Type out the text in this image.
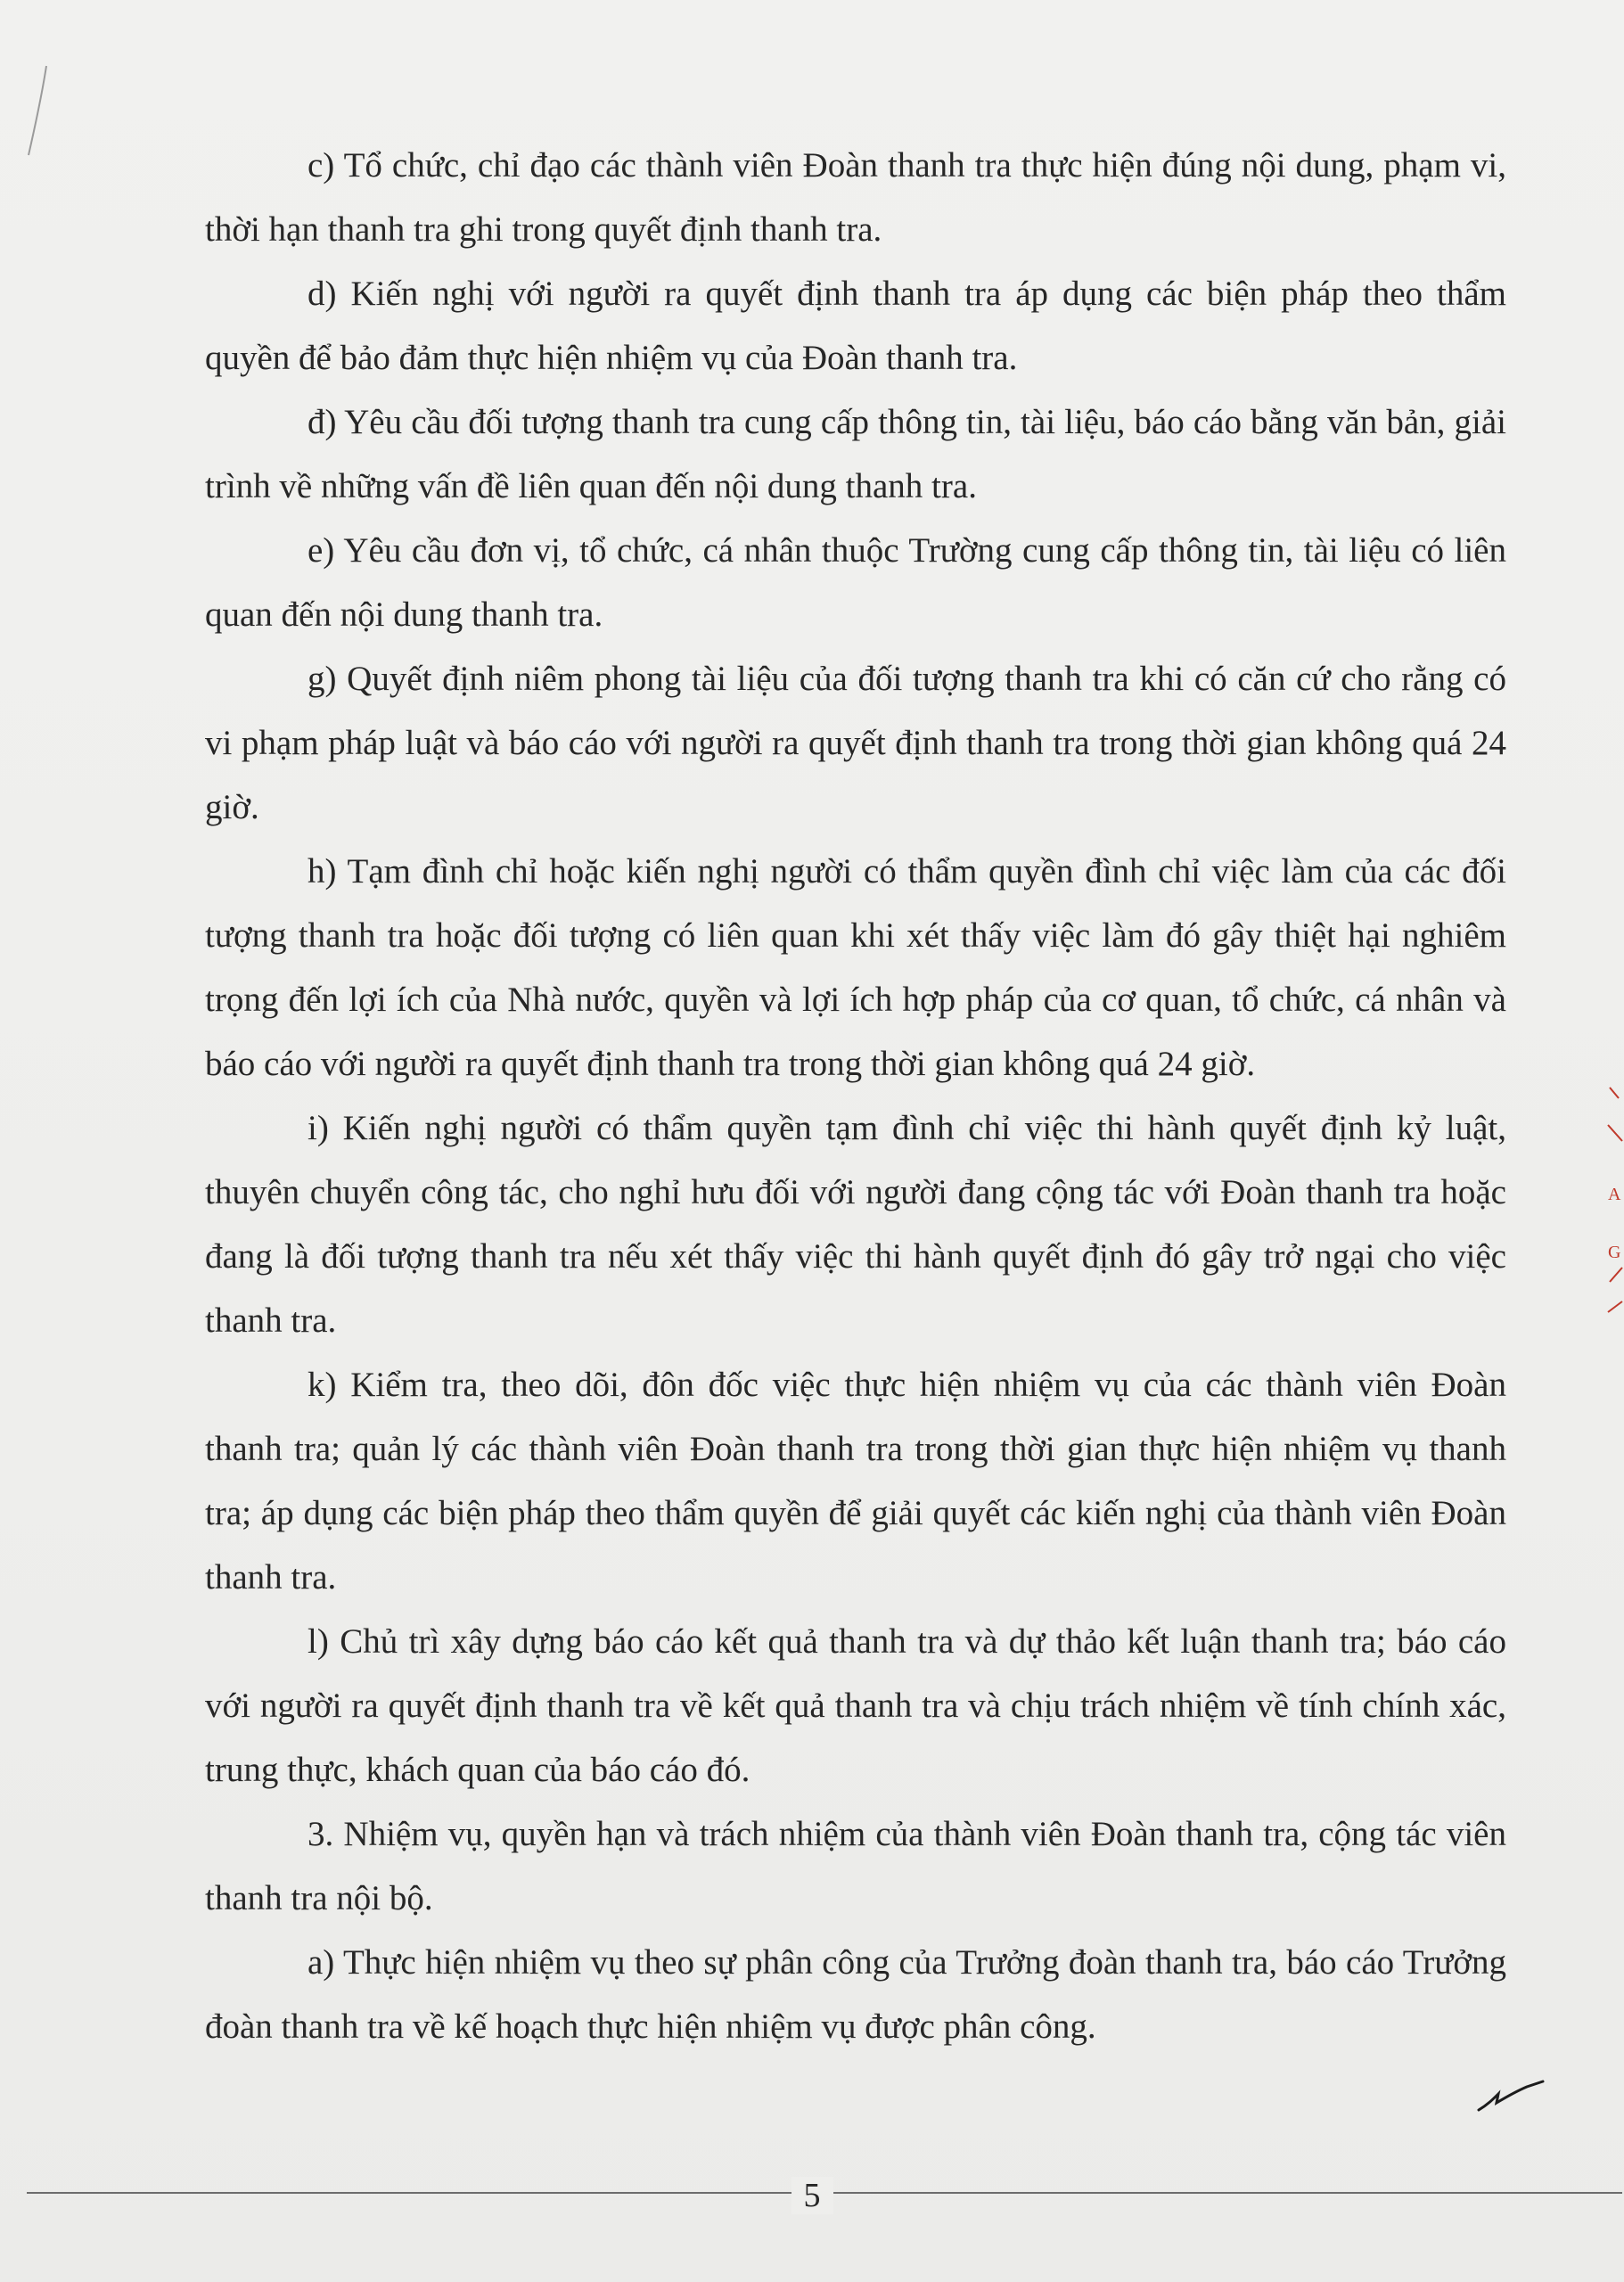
c) Tổ chức, chỉ đạo các thành viên Đoàn thanh tra thực hiện đúng nội dung, phạm vi, thời hạn thanh tra ghi trong quyết định thanh tra.

d) Kiến nghị với người ra quyết định thanh tra áp dụng các biện pháp theo thẩm quyền để bảo đảm thực hiện nhiệm vụ của Đoàn thanh tra.

đ) Yêu cầu đối tượng thanh tra cung cấp thông tin, tài liệu, báo cáo bằng văn bản, giải trình về những vấn đề liên quan đến nội dung thanh tra.

e) Yêu cầu đơn vị, tổ chức, cá nhân thuộc Trường cung cấp thông tin, tài liệu có liên quan đến nội dung thanh tra.

g) Quyết định niêm phong tài liệu của đối tượng thanh tra khi có căn cứ cho rằng có vi phạm pháp luật và báo cáo với người ra quyết định thanh tra trong thời gian không quá 24 giờ.

h) Tạm đình chỉ hoặc kiến nghị người có thẩm quyền đình chỉ việc làm của các đối tượng thanh tra hoặc đối tượng có liên quan khi xét thấy việc làm đó gây thiệt hại nghiêm trọng đến lợi ích của Nhà nước, quyền và lợi ích hợp pháp của cơ quan, tổ chức, cá nhân và báo cáo với người ra quyết định thanh tra trong thời gian không quá 24 giờ.

i) Kiến nghị người có thẩm quyền tạm đình chỉ việc thi hành quyết định kỷ luật, thuyên chuyển công tác, cho nghỉ hưu đối với người đang cộng tác với Đoàn thanh tra hoặc đang là đối tượng thanh tra nếu xét thấy việc thi hành quyết định đó gây trở ngại cho việc thanh tra.

k) Kiểm tra, theo dõi, đôn đốc việc thực hiện nhiệm vụ của các thành viên Đoàn thanh tra; quản lý các thành viên Đoàn thanh tra trong thời gian thực hiện nhiệm vụ thanh tra; áp dụng các biện pháp theo thẩm quyền để giải quyết các kiến nghị của thành viên Đoàn thanh tra.

l) Chủ trì xây dựng báo cáo kết quả thanh tra và dự thảo kết luận thanh tra; báo cáo với người ra quyết định thanh tra về kết quả thanh tra và chịu trách nhiệm về tính chính xác, trung thực, khách quan của báo cáo đó.

3. Nhiệm vụ, quyền hạn và trách nhiệm của thành viên Đoàn thanh tra, cộng tác viên thanh tra nội bộ.

a) Thực hiện nhiệm vụ theo sự phân công của Trưởng đoàn thanh tra, báo cáo Trưởng đoàn thanh tra về kế hoạch thực hiện nhiệm vụ được phân công.

A
G
5
